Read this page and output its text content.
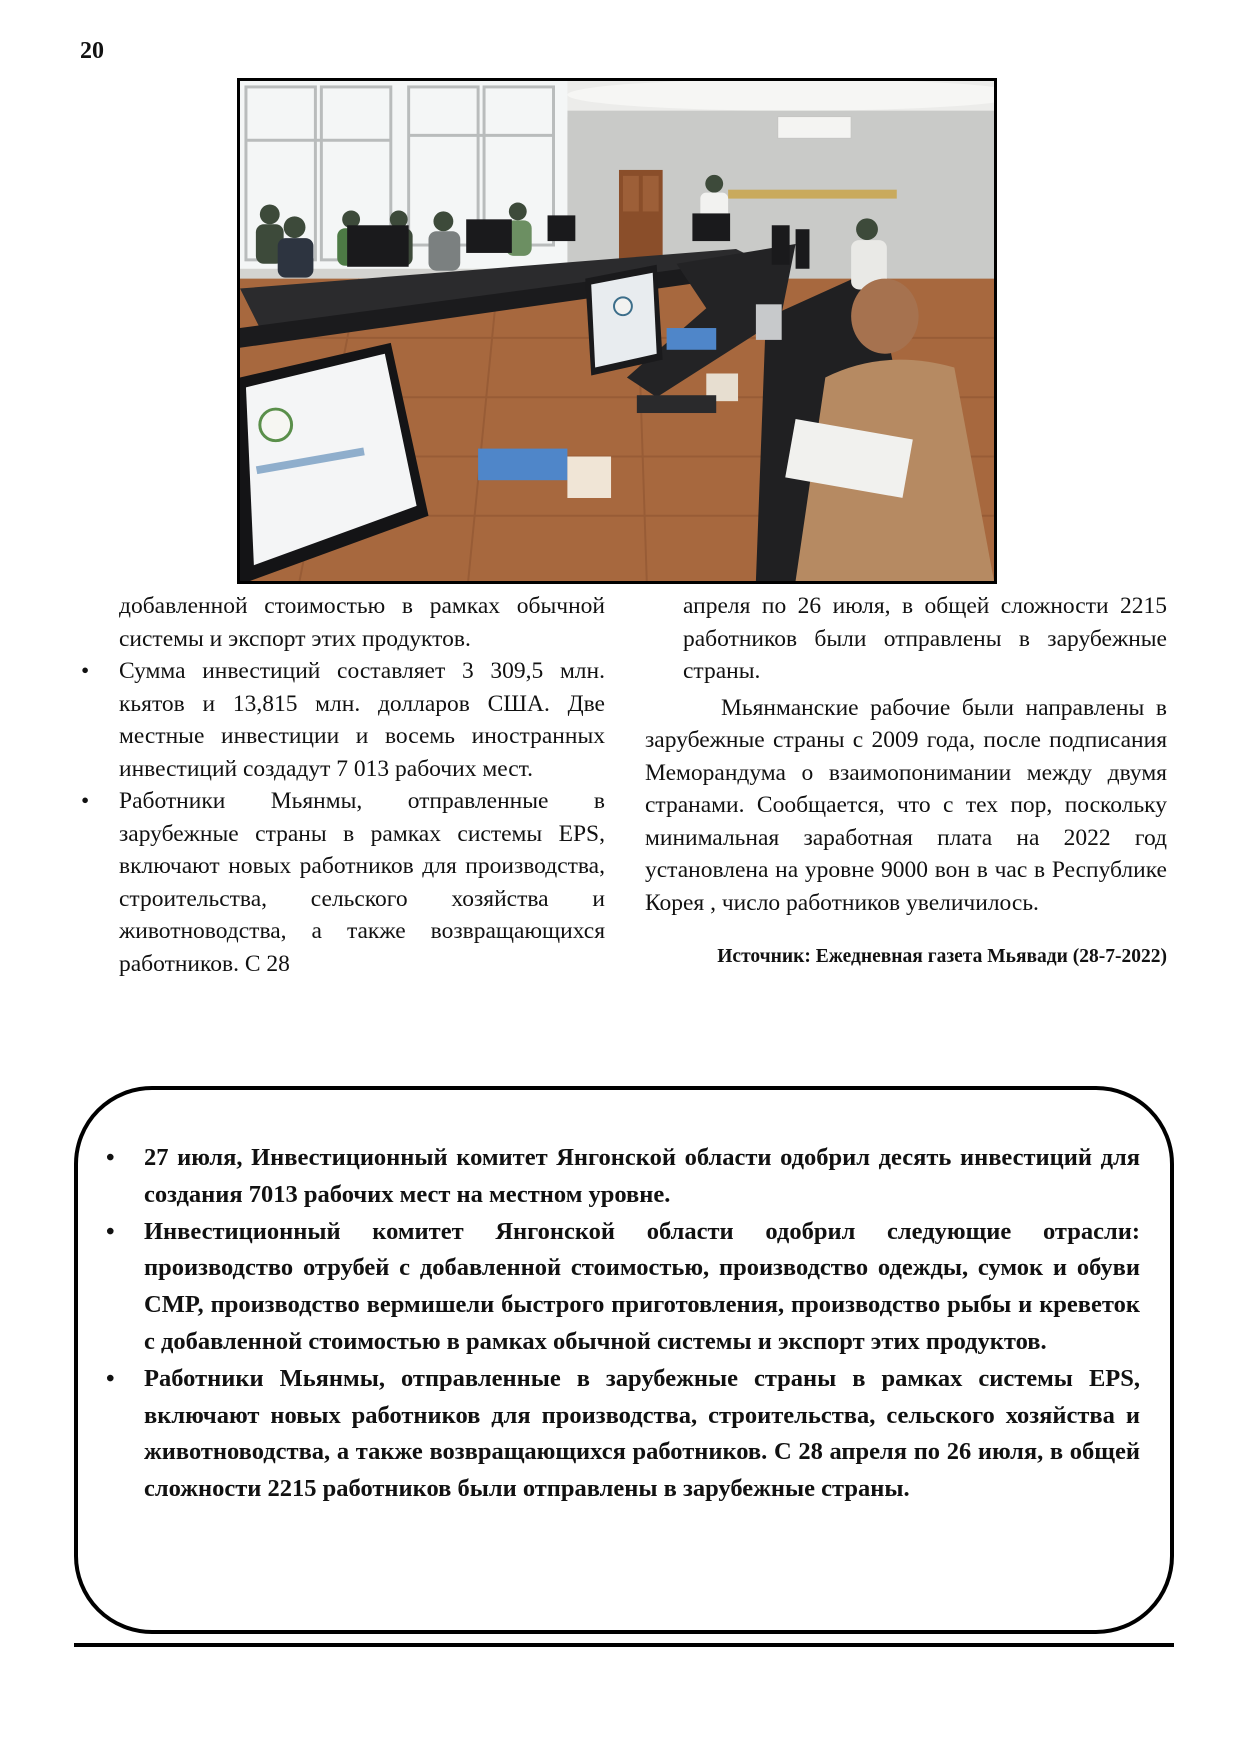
20

добавленной стоимостью в рамках обычной системы и экспорт этих продуктов.

• Сумма инвестиций составляет 3 309,5 млн. кьятов и 13,815 млн. долларов США. Две местные инвестиции и восемь иностранных инвестиций создадут 7 013 рабочих мест.
• Работники Мьянмы, отправленные в зарубежные страны в рамках системы EPS, включают новых работников для производства, строительства, сельского хозяйства и животноводства, а также возвращающихся работников. С 28

апреля по 26 июля, в общей сложности 2215 работников были отправлены в зарубежные страны.

Мьянманские рабочие были направлены в зарубежные страны с 2009 года, после подписания Меморандума о взаимопонимании между двумя странами. Сообщается, что с тех пор, поскольку минимальная заработная плата на 2022 год установлена на уровне 9000 вон в час в Республике Корея , число работников увеличилось.

Источник: Ежедневная газета Мьявади (28-7-2022)

• 27 июля, Инвестиционный комитет Янгонской области одобрил десять инвестиций для создания 7013 рабочих мест на местном уровне.
• Инвестиционный комитет Янгонской области одобрил следующие отрасли: производство отрубей с добавленной стоимостью, производство одежды, сумок и обуви CMP, производство вермишели быстрого приготовления, производство рыбы и креветок с добавленной стоимостью в рамках обычной системы и экспорт этих продуктов.
• Работники Мьянмы, отправленные в зарубежные страны в рамках системы EPS, включают новых работников для производства, строительства, сельского хозяйства и животноводства, а также возвращающихся работников. С 28 апреля по 26 июля, в общей сложности 2215 работников были отправлены в зарубежные страны.
